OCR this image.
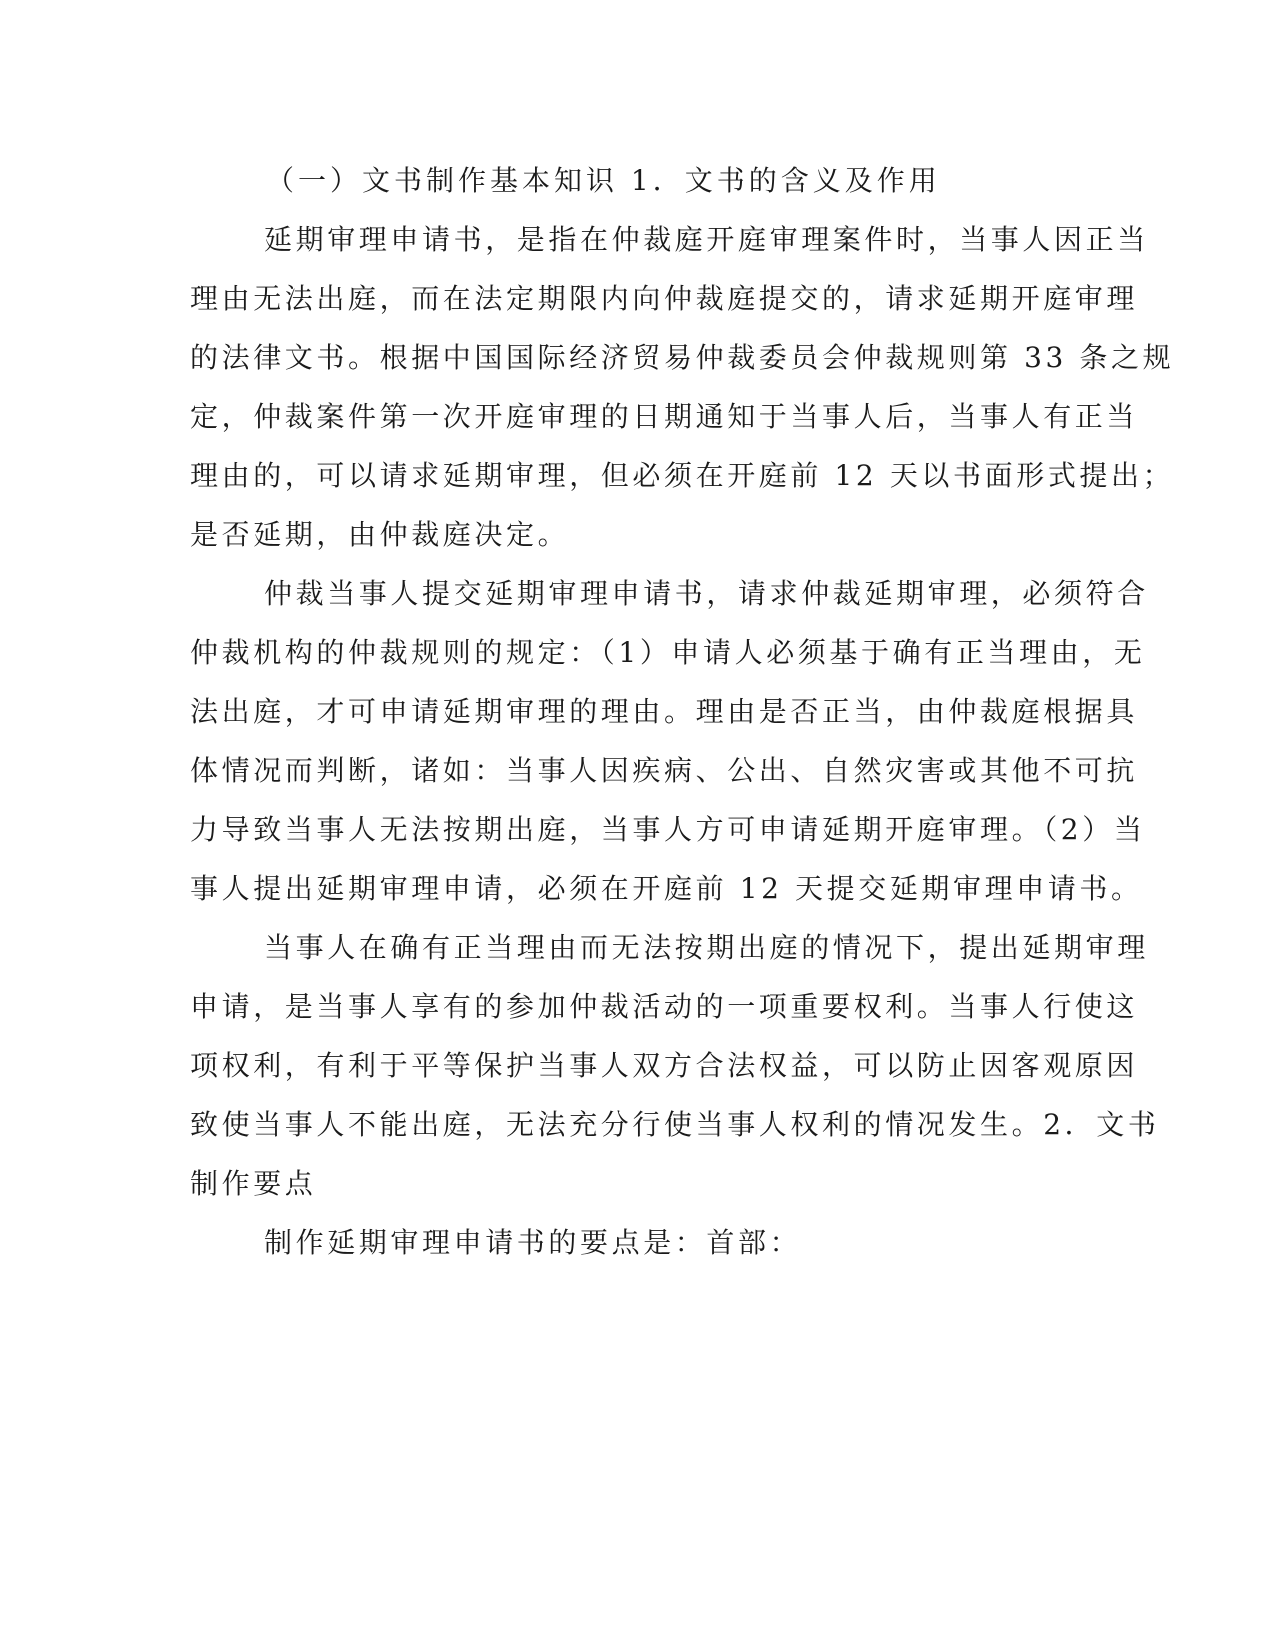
（一）文书制作基本知识 1．文书的含义及作用
延期审理申请书，是指在仲裁庭开庭审理案件时，当事人因正当
理由无法出庭，而在法定期限内向仲裁庭提交的，请求延期开庭审理
的法律文书。根据中国国际经济贸易仲裁委员会仲裁规则第 33 条之规
定，仲裁案件第一次开庭审理的日期通知于当事人后，当事人有正当
理由的，可以请求延期审理，但必须在开庭前 12 天以书面形式提出；
是否延期，由仲裁庭决定。
仲裁当事人提交延期审理申请书，请求仲裁延期审理，必须符合
仲裁机构的仲裁规则的规定：（1）申请人必须基于确有正当理由，无
法出庭，才可申请延期审理的理由。理由是否正当，由仲裁庭根据具
体情况而判断，诸如：当事人因疾病、公出、自然灾害或其他不可抗
力导致当事人无法按期出庭，当事人方可申请延期开庭审理。（2）当
事人提出延期审理申请，必须在开庭前 12 天提交延期审理申请书。
当事人在确有正当理由而无法按期出庭的情况下，提出延期审理
申请，是当事人享有的参加仲裁活动的一项重要权利。当事人行使这
项权利，有利于平等保护当事人双方合法权益，可以防止因客观原因
致使当事人不能出庭，无法充分行使当事人权利的情况发生。2．文书
制作要点
制作延期审理申请书的要点是：首部：
